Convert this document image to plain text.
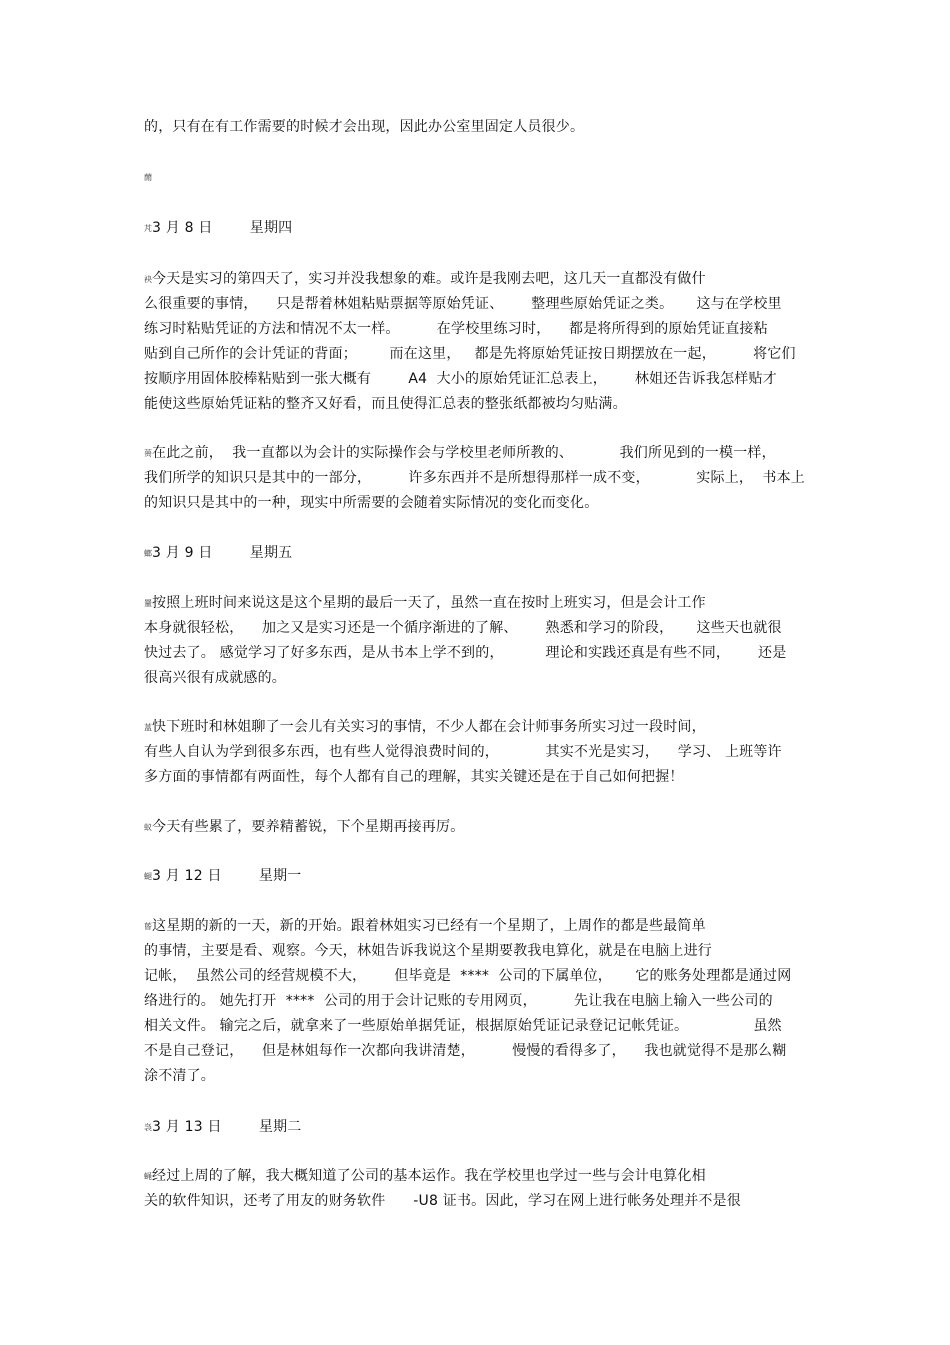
的，只有在有工作需要的时候才会出现，因此办公室里固定人员很少。
蕑
芃3 月 8 日        星期四
袂今天是实习的第四天了，实习并没我想象的难。或许是我刚去吧，这几天一直都没有做什
么很重要的事情，    只是帮着林姐粘贴票据等原始凭证、      整理些原始凭证之类。     这与在学校里
练习时粘贴凭证的方法和情况不太一样。        在学校里练习时，    都是将所得到的原始凭证直接粘
贴到自己所作的会计凭证的背面；       而在这里，   都是先将原始凭证按日期摆放在一起，        将它们
按顺序用固体胶棒粘贴到一张大概有        A4  大小的原始凭证汇总表上，      林姐还告诉我怎样贴才
能使这些原始凭证粘的整齐又好看，而且使得汇总表的整张纸都被均匀贴满。
蒉在此之前，  我一直都以为会计的实际操作会与学校里老师所教的、          我们所见到的一模一样，
我们所学的知识只是其中的一部分，        许多东西并不是所想得那样一成不变，          实际上，  书本上
的知识只是其中的一种，现实中所需要的会随着实际情况的变化而变化。
螂3 月 9 日        星期五
罿按照上班时间来说这是这个星期的最后一天了，虽然一直在按时上班实习，但是会计工作
本身就很轻松，    加之又是实习还是一个循序渐进的了解、      熟悉和学习的阶段，     这些天也就很
快过去了。 感觉学习了好多东西，是从书本上学不到的，         理论和实践还真是有些不同，      还是
很高兴很有成就感的。
蒕快下班时和林姐聊了一会儿有关实习的事情，不少人都在会计师事务所实习过一段时间，
有些人自认为学到很多东西，也有些人觉得浪费时间的，          其实不光是实习，    学习、 上班等许
多方面的事情都有两面性，每个人都有自己的理解，其实关键还是在于自己如何把握！
蚁今天有些累了，要养精蓄锐，下个星期再接再厉。
螁3 月 12 日        星期一
蒈这星期的新的一天，新的开始。跟着林姐实习已经有一个星期了，上周作的都是些最简单
的事情，主要是看、观察。今天，林姐告诉我说这个星期要教我电算化，就是在电脑上进行
记帐，  虽然公司的经营规模不大，      但毕竟是  ****  公司的下属单位，     它的账务处理都是通过网
络进行的。 她先打开  ****  公司的用于会计记账的专用网页，        先让我在电脑上输入一些公司的
相关文件。 输完之后，就拿来了一些原始单据凭证，根据原始凭证记录登记记帐凭证。              虽然
不是自己登记，    但是林姐每作一次都向我讲清楚，        慢慢的看得多了，    我也就觉得不是那么糊
涂不清了。
袅3 月 13 日        星期二
蝇经过上周的了解，我大概知道了公司的基本运作。我在学校里也学过一些与会计电算化相
关的软件知识，还考了用友的财务软件      -U8 证书。因此，学习在网上进行帐务处理并不是很
